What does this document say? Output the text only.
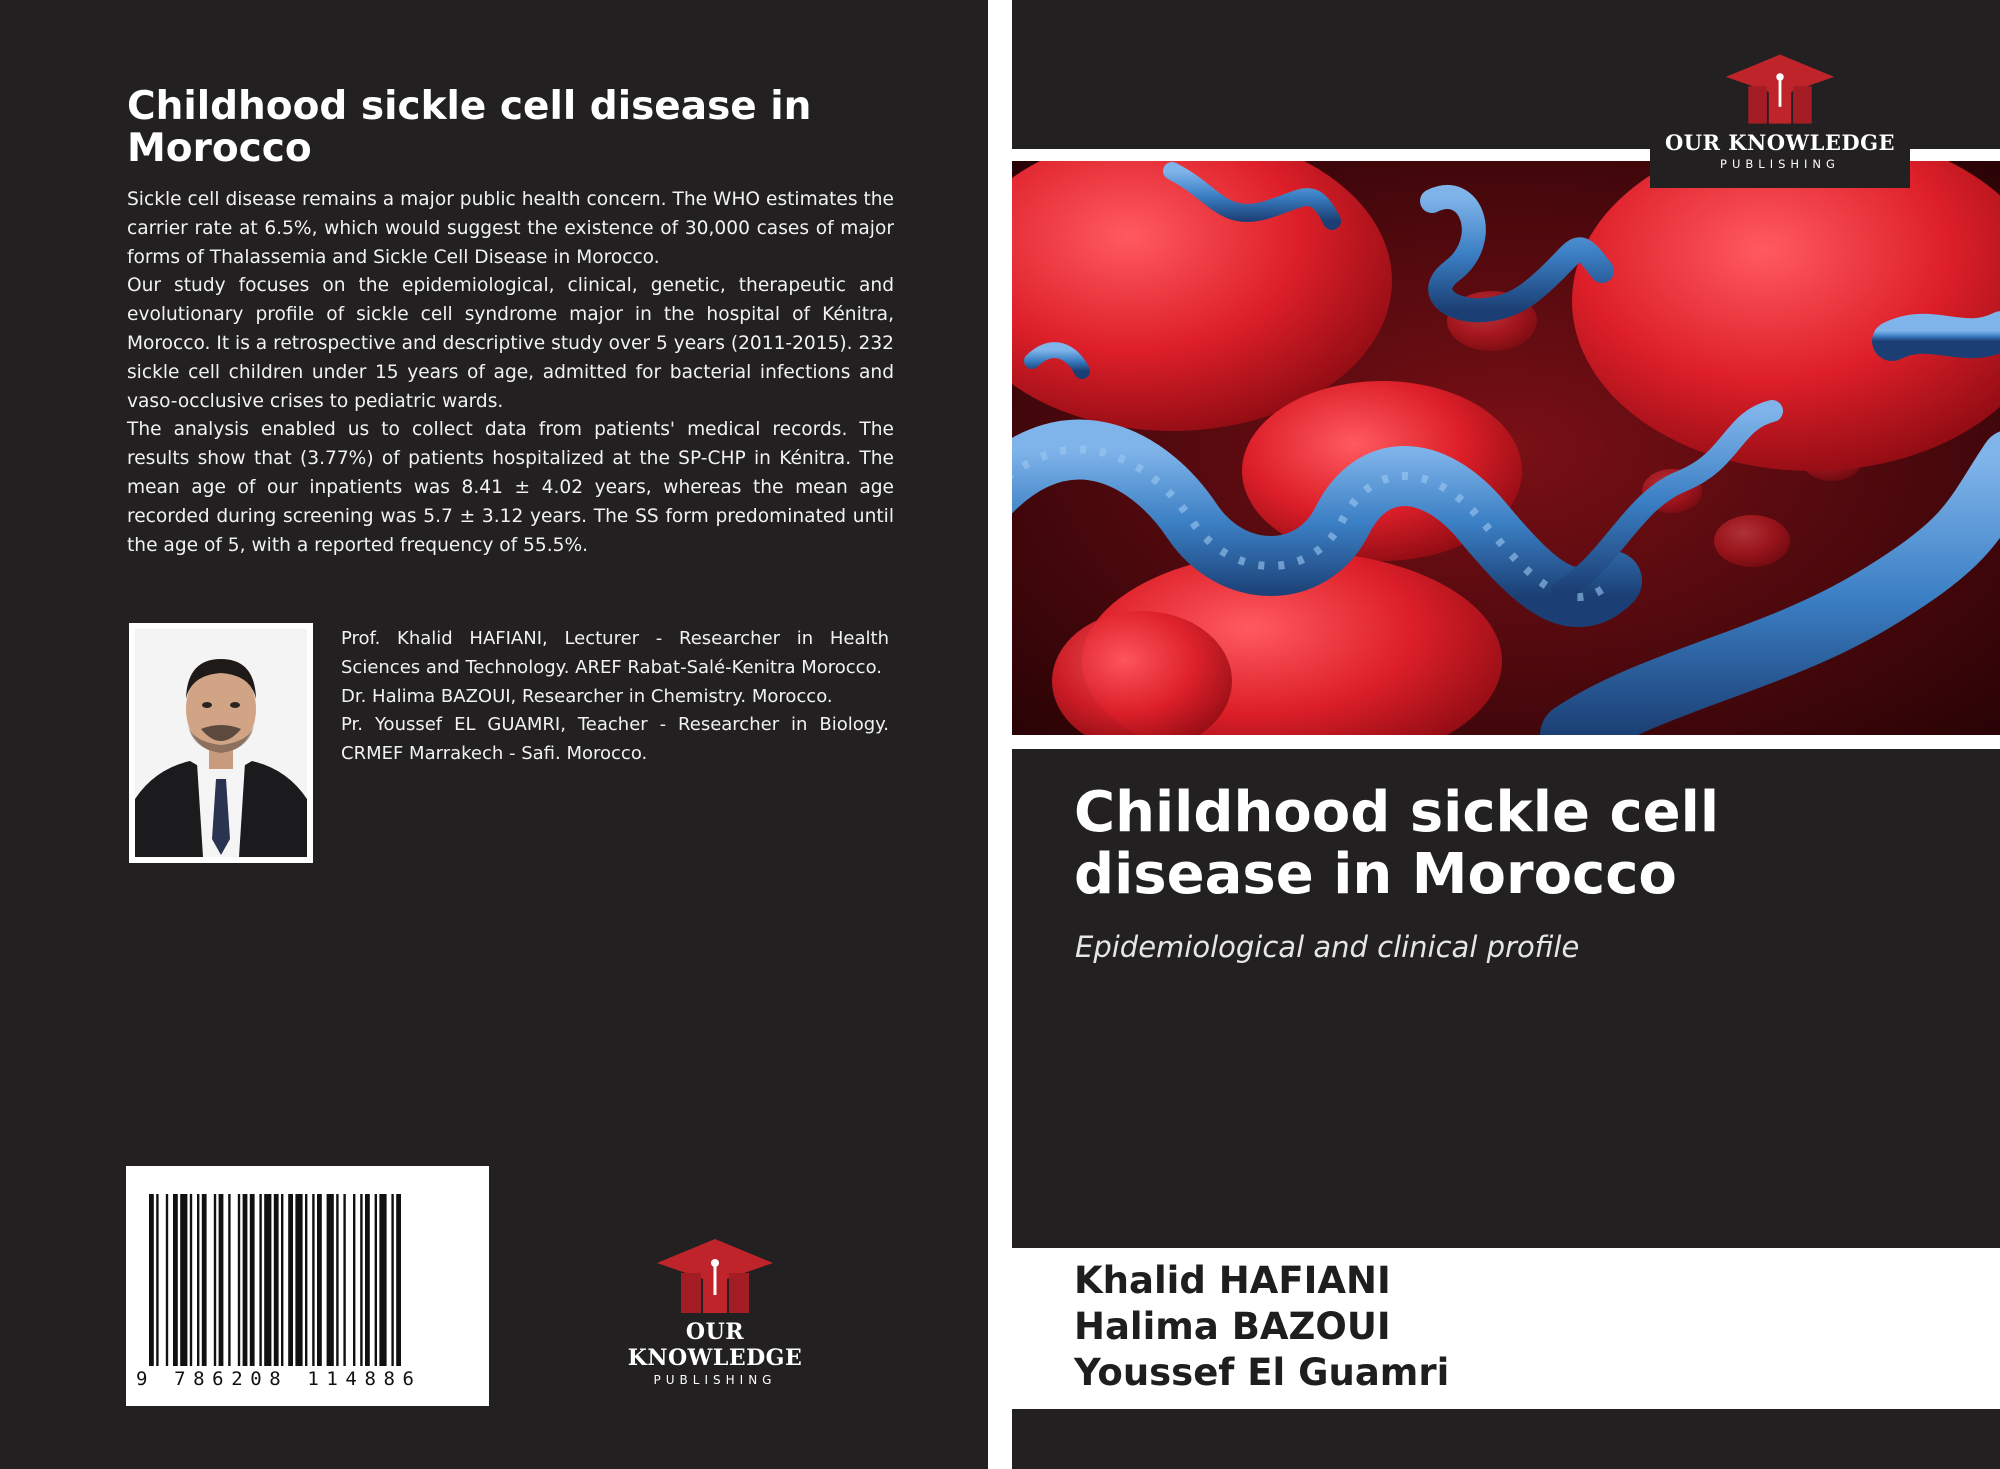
Childhood sickle cell disease in Morocco

Sickle cell disease remains a major public health concern. The WHO estimates the carrier rate at 6.5%, which would suggest the existence of 30,000 cases of major forms of Thalassemia and Sickle Cell Disease in Morocco.

Our study focuses on the epidemiological, clinical, genetic, therapeutic and evolutionary profile of sickle cell syndrome major in the hospital of Kénitra, Morocco. It is a retrospective and descriptive study over 5 years (2011-2015). 232 sickle cell children under 15 years of age, admitted for bacterial infections and vaso-occlusive crises to pediatric wards.

The analysis enabled us to collect data from patients' medical records. The results show that (3.77%) of patients hospitalized at the SP-CHP in Kénitra. The mean age of our inpatients was 8.41 ± 4.02 years, whereas the mean age recorded during screening was 5.7 ± 3.12 years. The SS form predominated until the age of 5, with a reported frequency of 55.5%.

Prof. Khalid HAFIANI, Lecturer - Researcher in Health Sciences and Technology. AREF Rabat-Salé-Kenitra Morocco.

Dr. Halima BAZOUI, Researcher in Chemistry. Morocco.

Pr. Youssef EL GUAMRI, Teacher - Researcher in Biology. CRMEF Marrakech - Safi. Morocco.

9 786208 114886
OUR KNOWLEDGE
PUBLISHING
OUR KNOWLEDGE
PUBLISHING
Childhood sickle cell disease in Morocco
Epidemiological and clinical profile
Khalid HAFIANI
Halima BAZOUI
Youssef El Guamri
